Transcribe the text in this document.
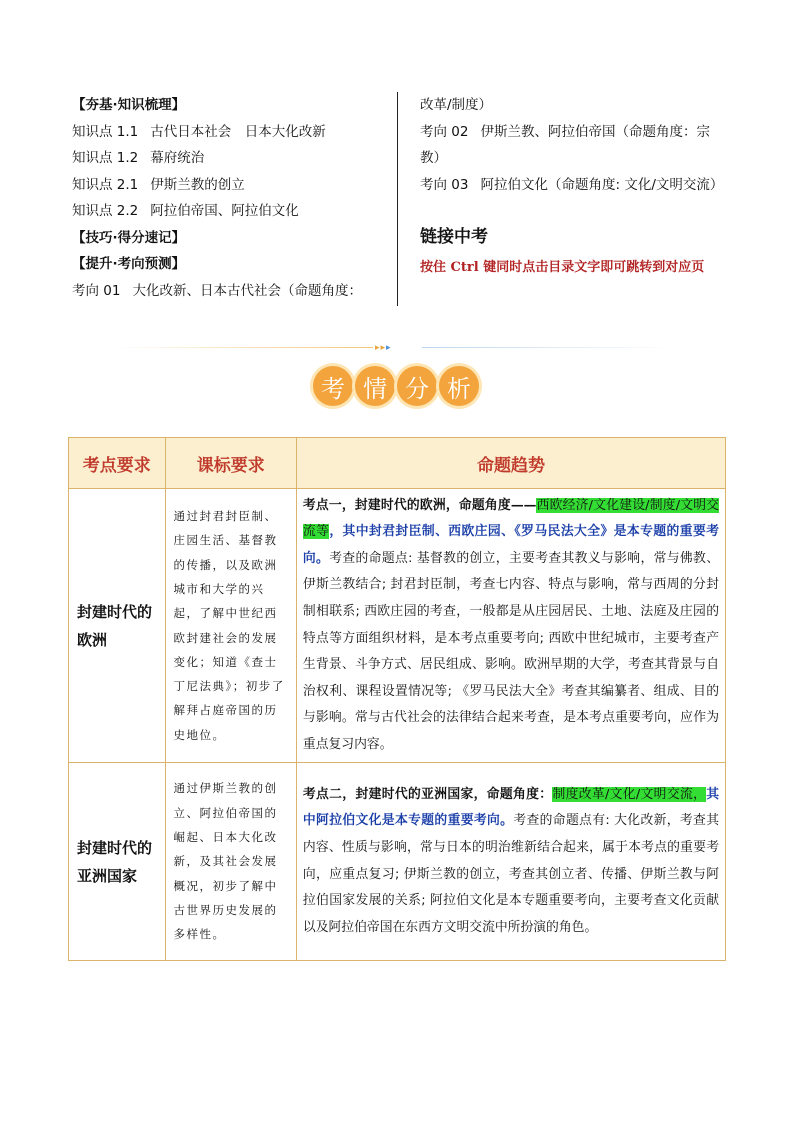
【夯基·知识梳理】
知识点 1.1 古代日本社会　日本大化改新
知识点 1.2 幕府统治
知识点 2.1 伊斯兰教的创立
知识点 2.2 阿拉伯帝国、阿拉伯文化
【技巧·得分速记】
【提升·考向预测】
考向 01 大化改新、日本古代社会（命题角度：
改革/制度）
考向 02 伊斯兰教、阿拉伯帝国（命题角度：宗
教）
考向 03 阿拉伯文化（命题角度: 文化/文明交流）
链接中考
按住 Ctrl 键同时点击目录文字即可跳转到对应页
▸▸▸
考 情 分 析
考点要求	课标要求	命题趋势

封建时代的欧洲	通过封君封臣制、庄园生活、基督教的传播，以及欧洲城市和大学的兴起，了解中世纪西欧封建社会的发展变化；知道《查士丁尼法典》；初步了解拜占庭帝国的历史地位。	考点一，封建时代的欧洲，命题角度——西欧经济/文化建设/制度/文明交流等，其中封君封臣制、西欧庄园、《罗马民法大全》是本专题的重要考向。考查的命题点: 基督教的创立，主要考查其教义与影响，常与佛教、伊斯兰教结合; 封君封臣制，考查七内容、特点与影响，常与西周的分封制相联系; 西欧庄园的考查，一般都是从庄园居民、土地、法庭及庄园的特点等方面组织材料，是本考点重要考向; 西欧中世纪城市，主要考查产生背景、斗争方式、居民组成、影响。欧洲早期的大学，考查其背景与自治权利、课程设置情况等; 《罗马民法大全》考查其编纂者、组成、目的与影响。常与古代社会的法律结合起来考查，是本考点重要考向，应作为重点复习内容。

封建时代的亚洲国家	通过伊斯兰教的创立、阿拉伯帝国的崛起、日本大化改新，及其社会发展概况，初步了解中古世界历史发展的多样性。	考点二，封建时代的亚洲国家，命题角度：制度改革/文化/文明交流，其中阿拉伯文化是本专题的重要考向。考查的命题点有: 大化改新，考查其内容、性质与影响，常与日本的明治维新结合起来，属于本考点的重要考向，应重点复习; 伊斯兰教的创立，考查其创立者、传播、伊斯兰教与阿拉伯国家发展的关系; 阿拉伯文化是本专题重要考向，主要考查文化贡献以及阿拉伯帝国在东西方文明交流中所扮演的角色。
